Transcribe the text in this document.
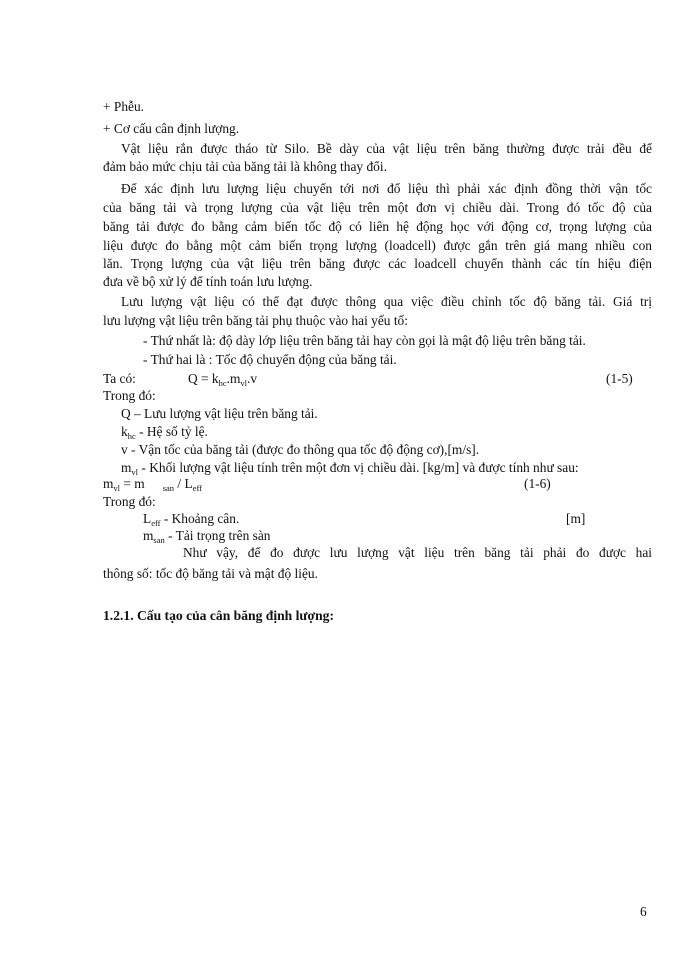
+ Phễu.
+ Cơ cấu cân định lượng.
Vật liệu rắn được tháo từ Silo. Bề dày của vật liệu trên băng thường được trải đều để
đảm bảo mức chịu tải của băng tải là không thay đổi.
Để xác định lưu lượng liệu chuyển tới nơi đổ liệu thì phải xác định đồng thời vận tốc
của băng tải và trọng lượng của vật liệu trên một đơn vị chiều dài. Trong đó tốc độ của
băng tải được đo bằng cảm biến tốc độ có liên hệ động học với động cơ, trọng lượng của
liệu được đo bằng một cảm biến trọng lượng (loadcell) được gắn trên giá mang nhiều con
lăn. Trọng lượng của vật liệu trên băng được các loadcell chuyển thành các tín hiệu điện
đưa về bộ xử lý để tính toán lưu lượng.
Lưu lượng vật liệu có thể đạt được thông qua việc điều chỉnh tốc độ băng tải. Giá trị
lưu lượng vật liệu trên băng tải phụ thuộc vào hai yếu tố:
- Thứ nhất là: độ dày lớp liệu trên băng tải hay còn gọi là mật độ liệu trên băng tải.
- Thứ hai là : Tốc độ chuyển động của băng tải.
Ta có:	$Q = k_{hc}.m_{vl}.v$	(1-5)
Trong đó:
Q – Lưu lượng vật liệu trên băng tải.
$k_{hc}$ - Hệ số tỷ lệ.
v - Vận tốc của băng tải (được đo thông qua tốc độ động cơ),[m/s].
$m_{vl}$ - Khối lượng vật liệu tính trên một đơn vị chiều dài. [kg/m] và được tính như sau:
$m_{vl} = m$ $_{san} / L_{eff}$	(1-6)
Trong đó:
$L_{eff}$ - Khoảng cân.	[m]
$m_{san}$ - Tải trọng trên sàn
Như vậy, để đo được lưu lượng vật liệu trên băng tải phải đo được hai
thông số: tốc độ băng tải và mật độ liệu.
1.2.1. Cấu tạo của cân băng định lượng:
6
